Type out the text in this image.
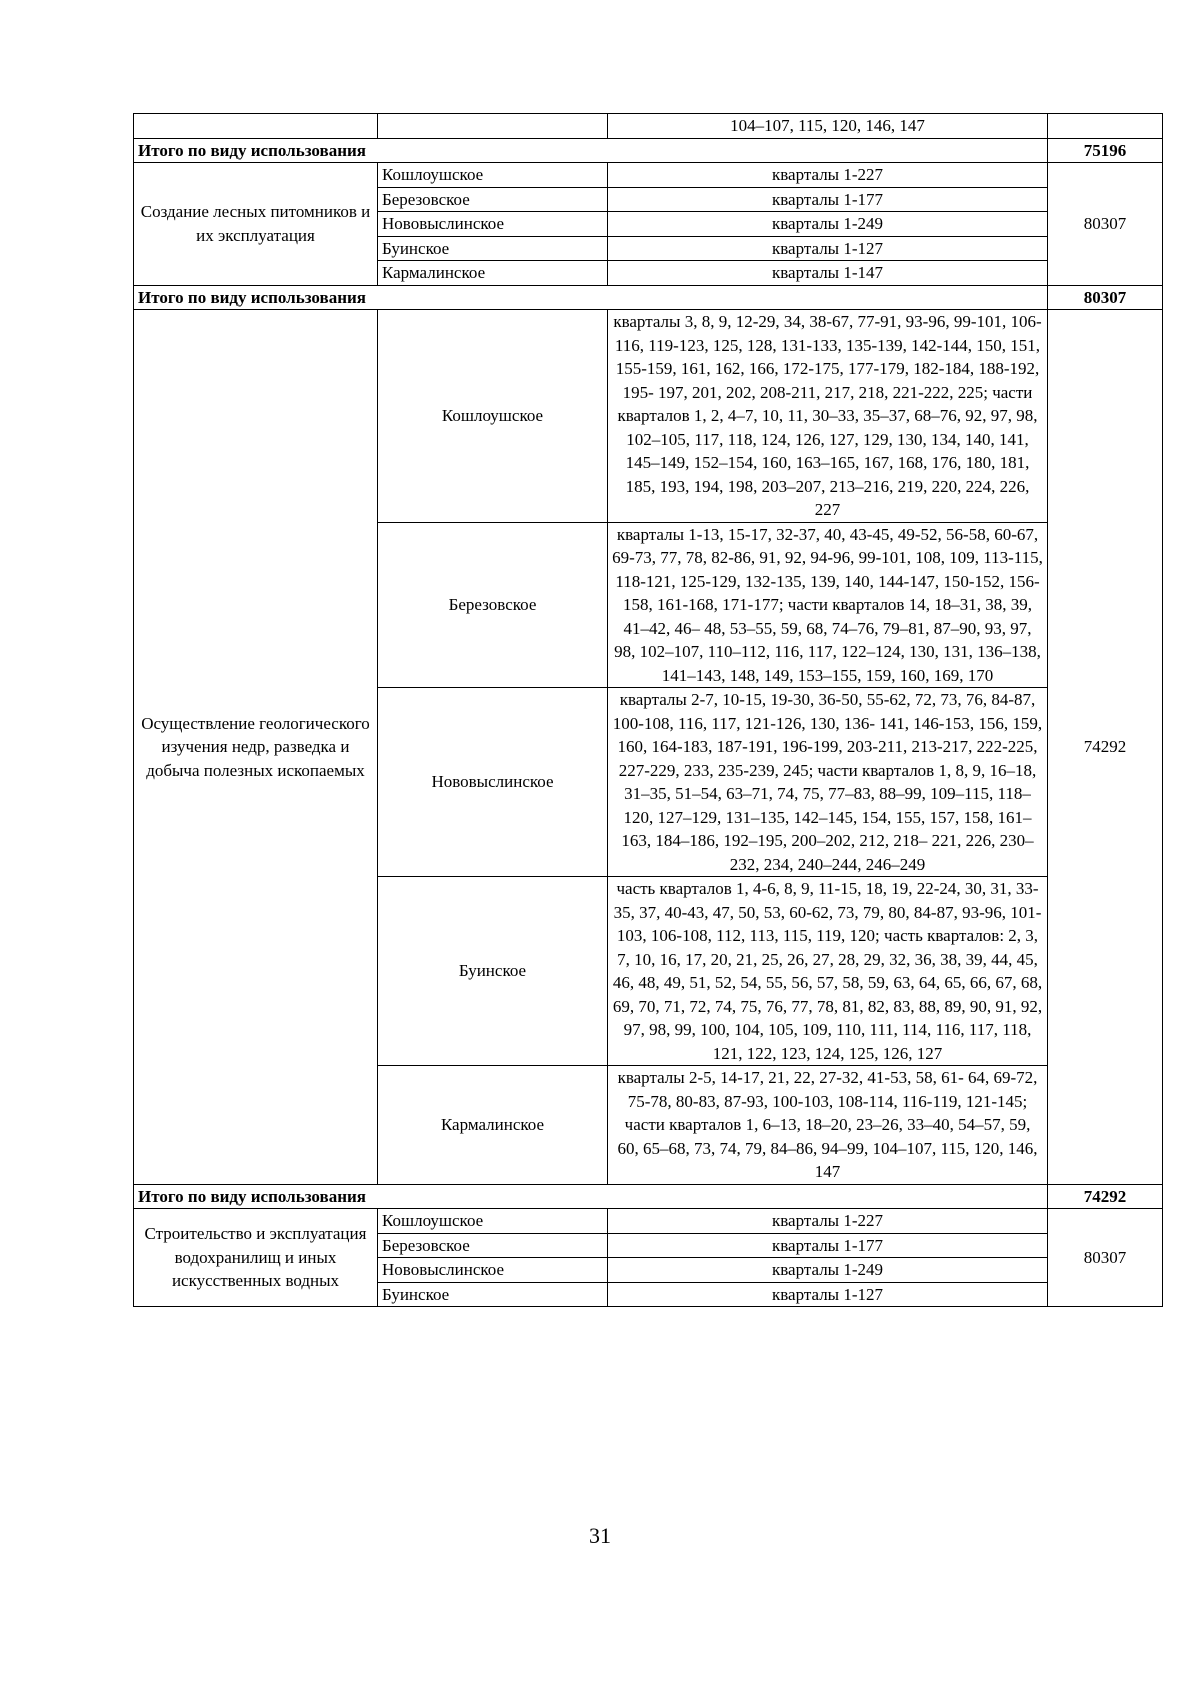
		104–107, 115, 120, 146, 147	
Итого по виду использования			75196
Создание лесных питомников и их эксплуатация	Кошлоушское	кварталы 1-227	80307
	Березовское	кварталы 1-177	
	Нововыслинское	кварталы 1-249	
	Буинское	кварталы 1-127	
	Кармалинское	кварталы 1-147	
Итого по виду использования			80307
Осуществление геологического изучения недр, разведка и добыча полезных ископаемых	Кошлоушское	кварталы 3, 8, 9, 12-29, 34, 38-67, 77-91, 93-96, 99-101, 106-116, 119-123, 125, 128, 131-133, 135-139, 142-144, 150, 151, 155-159, 161, 162, 166, 172-175, 177-179, 182-184, 188-192, 195- 197, 201, 202, 208-211, 217, 218, 221-222, 225; части кварталов 1, 2, 4–7, 10, 11, 30–33, 35–37, 68–76, 92, 97, 98, 102–105, 117, 118, 124, 126, 127, 129, 130, 134, 140, 141, 145–149, 152–154, 160, 163–165, 167, 168, 176, 180, 181, 185, 193, 194, 198, 203–207, 213–216, 219, 220, 224, 226, 227	74292
	Березовское	кварталы 1-13, 15-17, 32-37, 40, 43-45, 49-52, 56-58, 60-67, 69-73, 77, 78, 82-86, 91, 92, 94-96, 99-101, 108, 109, 113-115, 118-121, 125-129, 132-135, 139, 140, 144-147, 150-152, 156-158, 161-168, 171-177; части кварталов 14, 18–31, 38, 39, 41–42, 46– 48, 53–55, 59, 68, 74–76, 79–81, 87–90, 93, 97, 98, 102–107, 110–112, 116, 117, 122–124, 130, 131, 136–138, 141–143, 148, 149, 153–155, 159, 160, 169, 170	
	Нововыслинское	кварталы 2-7, 10-15, 19-30, 36-50, 55-62, 72, 73, 76, 84-87, 100-108, 116, 117, 121-126, 130, 136- 141, 146-153, 156, 159, 160, 164-183, 187-191, 196-199, 203-211, 213-217, 222-225, 227-229, 233, 235-239, 245; части кварталов 1, 8, 9, 16–18, 31–35, 51–54, 63–71, 74, 75, 77–83, 88–99, 109–115, 118–120, 127–129, 131–135, 142–145, 154, 155, 157, 158, 161–163, 184–186, 192–195, 200–202, 212, 218– 221, 226, 230–232, 234, 240–244, 246–249	
	Буинское	часть кварталов 1, 4-6, 8, 9, 11-15, 18, 19, 22-24, 30, 31, 33-35, 37, 40-43, 47, 50, 53, 60-62, 73, 79, 80, 84-87, 93-96, 101-103, 106-108, 112, 113, 115, 119, 120; часть кварталов: 2, 3, 7, 10, 16, 17, 20, 21, 25, 26, 27, 28, 29, 32, 36, 38, 39, 44, 45, 46, 48, 49, 51, 52, 54, 55, 56, 57, 58, 59, 63, 64, 65, 66, 67, 68, 69, 70, 71, 72, 74, 75, 76, 77, 78, 81, 82, 83, 88, 89, 90, 91, 92, 97, 98, 99, 100, 104, 105, 109, 110, 111, 114, 116, 117, 118, 121, 122, 123, 124, 125, 126, 127	
	Кармалинское	кварталы 2-5, 14-17, 21, 22, 27-32, 41-53, 58, 61- 64, 69-72, 75-78, 80-83, 87-93, 100-103, 108-114, 116-119, 121-145; части кварталов 1, 6–13, 18–20, 23–26, 33–40, 54–57, 59, 60, 65–68, 73, 74, 79, 84–86, 94–99, 104–107, 115, 120, 146, 147	
Итого по виду использования			74292
Строительство и эксплуатация водохранилищ и иных искусственных водных	Кошлоушское	кварталы 1-227	80307
	Березовское	кварталы 1-177	
	Нововыслинское	кварталы 1-249	
	Буинское	кварталы 1-127	
31
